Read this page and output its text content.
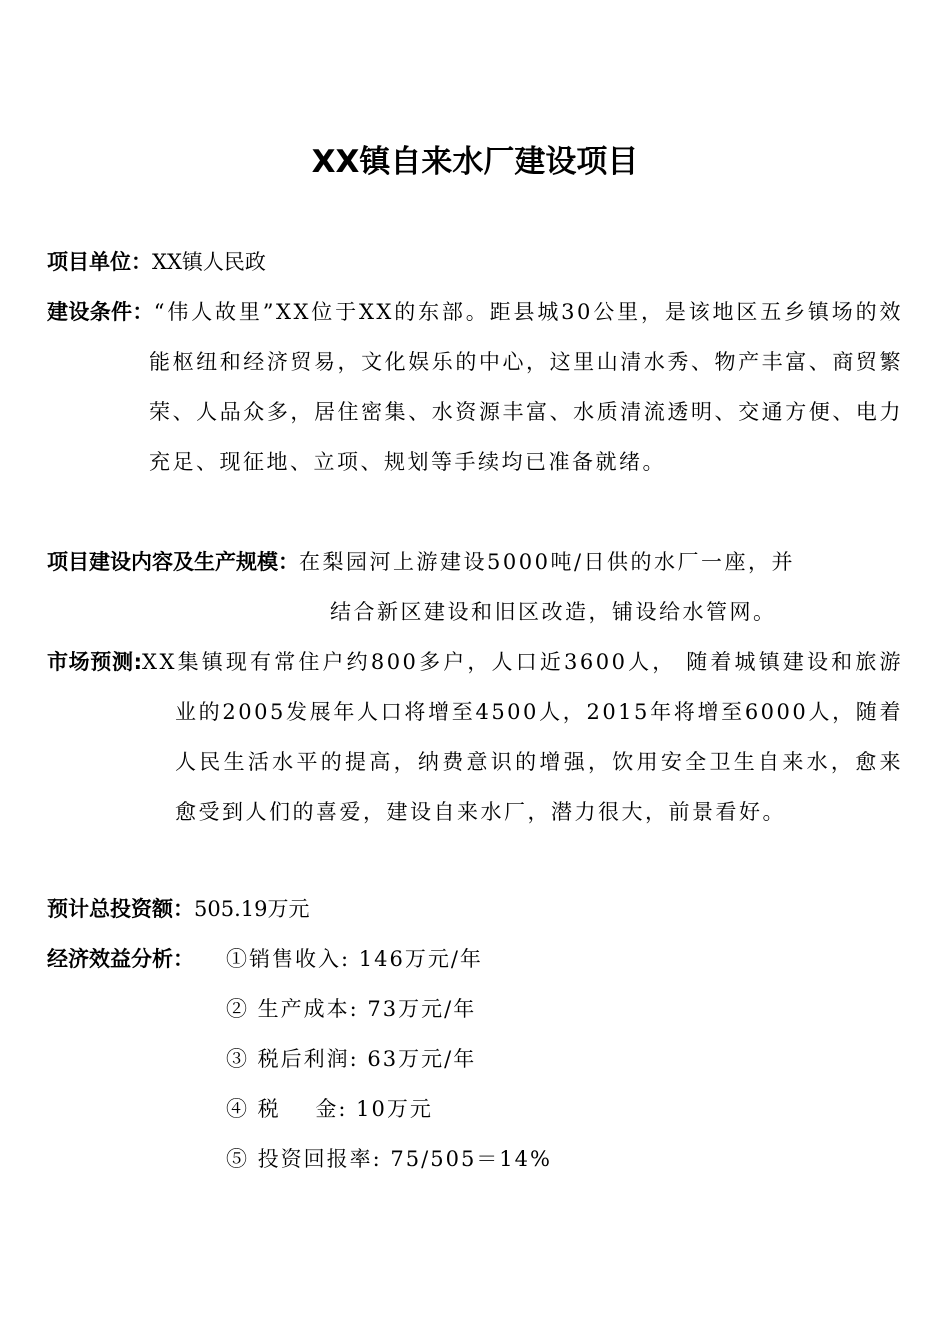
XX镇自来水厂建设项目
项目单位：XX镇人民政
建设条件：“伟人故里”XX位于XX的东部。距县城30公里，是该地区五乡镇场的效能枢纽和经济贸易，文化娱乐的中心，这里山清水秀、物产丰富、商贸繁荣、人品众多，居住密集、水资源丰富、水质清流透明、交通方便、电力充足、现征地、立项、规划等手续均已准备就绪。
项目建设内容及生产规模：在梨园河上游建设5000吨/日供的水厂一座，并
结合新区建设和旧区改造，铺设给水管网。
市场预测:XX集镇现有常住户约800多户，人口近3600人， 随着城镇建设和旅游业的2005发展年人口将增至4500人，2015年将增至6000人，随着人民生活水平的提高，纳费意识的增强，饮用安全卫生自来水，愈来愈受到人们的喜爱，建设自来水厂，潜力很大，前景看好。
预计总投资额：505.19万元
经济效益分析：	①销售收入: 146万元/年
② 生产成本: 73万元/年
③ 税后利润: 63万元/年
④ 税    金: 10万元
⑤ 投资回报率: 75/505＝14%
